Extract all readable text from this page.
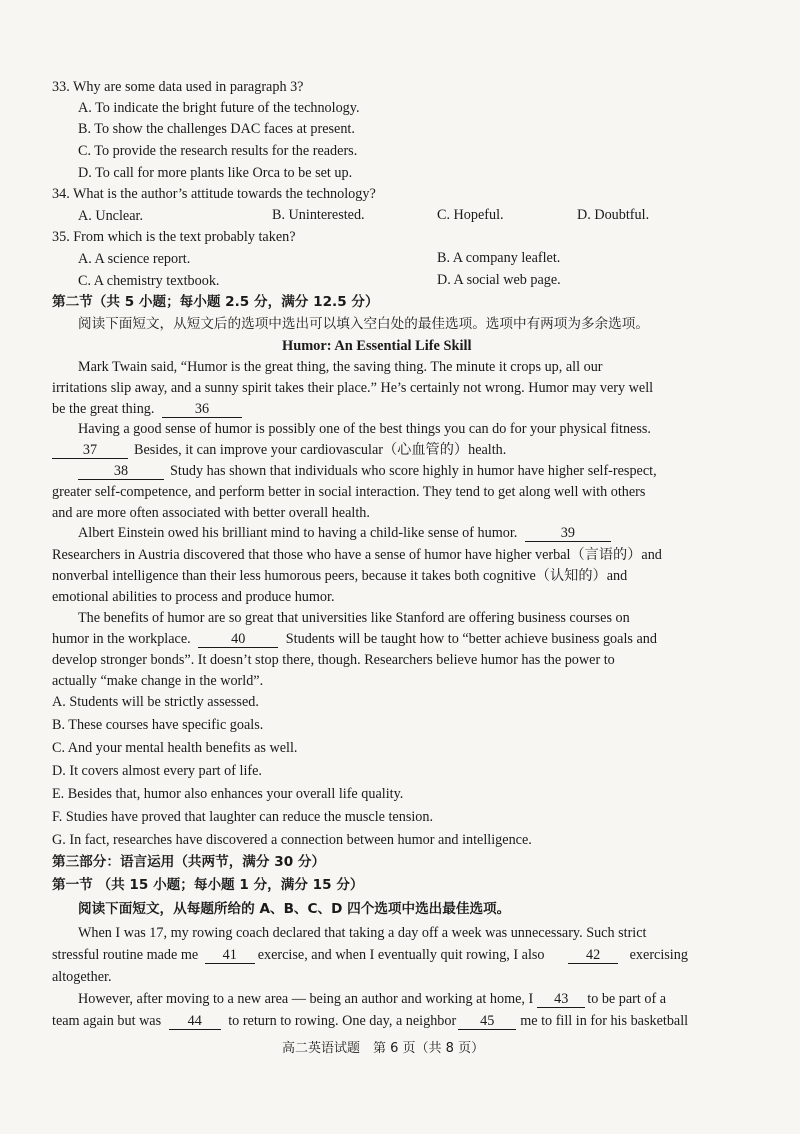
33. Why are some data used in paragraph 3?
A. To indicate the bright future of the technology.
B. To show the challenges DAC faces at present.
C. To provide the research results for the readers.
D. To call for more plants like Orca to be set up.
34. What is the author’s attitude towards the technology?
A. Unclear.	B. Uninterested.	C. Hopeful.	D. Doubtful.
35. From which is the text probably taken?
A. A science report.	B. A company leaflet.
C. A chemistry textbook.	D. A social web page.
第二节（共 5 小题；每小题 2.5 分，满分 12.5 分）
阅读下面短文，从短文后的选项中选出可以填入空白处的最佳选项。选项中有两项为多余选项。
Humor: An Essential Life Skill
Mark Twain said, “Humor is the great thing, the saving thing. The minute it crops up, all our
irritations slip away, and a sunny spirit takes their place.” He’s certainly not wrong. Humor may very well
be the great thing.	36
Having a good sense of humor is possibly one of the best things you can do for your physical fitness.
37	Besides, it can improve your cardiovascular（心血管的）health.
38	Study has shown that individuals who score highly in humor have higher self-respect,
greater self-competence, and perform better in social interaction. They tend to get along well with others
and are more often associated with better overall health.
Albert Einstein owed his brilliant mind to having a child-like sense of humor.	39
Researchers in Austria discovered that those who have a sense of humor have higher verbal（言语的）and
nonverbal intelligence than their less humorous peers, because it takes both cognitive（认知的）and
emotional abilities to process and produce humor.
The benefits of humor are so great that universities like Stanford are offering business courses on
humor in the workplace.	40	Students will be taught how to “better achieve business goals and
develop stronger bonds”. It doesn’t stop there, though. Researchers believe humor has the power to
actually “make change in the world”.
A. Students will be strictly assessed.
B. These courses have specific goals.
C. And your mental health benefits as well.
D. It covers almost every part of life.
E. Besides that, humor also enhances your overall life quality.
F. Studies have proved that laughter can reduce the muscle tension.
G. In fact, researches have discovered a connection between humor and intelligence.
第三部分：语言运用（共两节，满分 30 分）
第一节 （共 15 小题；每小题 1 分，满分 15 分）
阅读下面短文，从每题所给的 A、B、C、D 四个选项中选出最佳选项。
When I was 17, my rowing coach declared that taking a day off a week was unnecessary. Such strict
stressful routine made me 41 exercise, and when I eventually quit rowing, I also	42 exercising
altogether.
However, after moving to a new area — being an author and working at home, I 43 to be part of a
team again but was 44 to return to rowing. One day, a neighbor 45 me to fill in for his basketball
高二英语试题　第 6 页（共 8 页）
